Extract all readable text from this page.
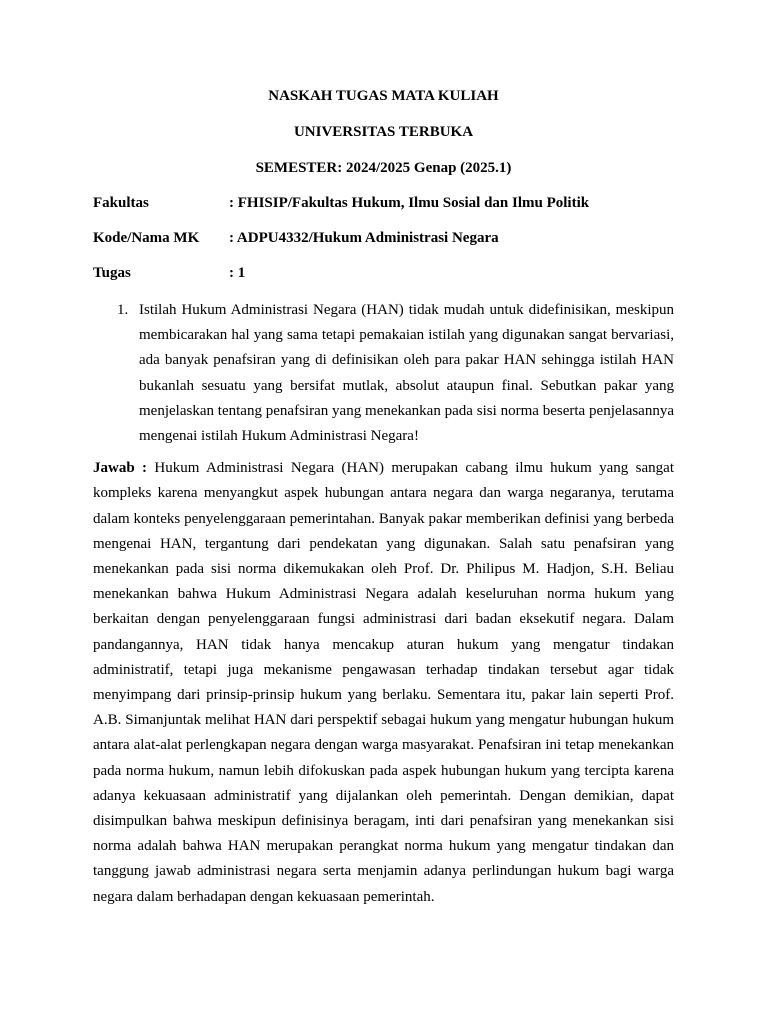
NASKAH TUGAS MATA KULIAH

UNIVERSITAS TERBUKA

SEMESTER: 2024/2025 Genap (2025.1)

Fakultas	: FHISIP/Fakultas Hukum, Ilmu Sosial dan Ilmu Politik
Kode/Nama MK	: ADPU4332/Hukum Administrasi Negara
Tugas	: 1
1. Istilah Hukum Administrasi Negara (HAN) tidak mudah untuk didefinisikan, meskipun membicarakan hal yang sama tetapi pemakaian istilah yang digunakan sangat bervariasi, ada banyak penafsiran yang di definisikan oleh para pakar HAN sehingga istilah HAN bukanlah sesuatu yang bersifat mutlak, absolut ataupun final. Sebutkan pakar yang menjelaskan tentang penafsiran yang menekankan pada sisi norma beserta penjelasannya mengenai istilah Hukum Administrasi Negara!
Jawab : Hukum Administrasi Negara (HAN) merupakan cabang ilmu hukum yang sangat kompleks karena menyangkut aspek hubungan antara negara dan warga negaranya, terutama dalam konteks penyelenggaraan pemerintahan. Banyak pakar memberikan definisi yang berbeda mengenai HAN, tergantung dari pendekatan yang digunakan. Salah satu penafsiran yang menekankan pada sisi norma dikemukakan oleh Prof. Dr. Philipus M. Hadjon, S.H. Beliau menekankan bahwa Hukum Administrasi Negara adalah keseluruhan norma hukum yang berkaitan dengan penyelenggaraan fungsi administrasi dari badan eksekutif negara. Dalam pandangannya, HAN tidak hanya mencakup aturan hukum yang mengatur tindakan administratif, tetapi juga mekanisme pengawasan terhadap tindakan tersebut agar tidak menyimpang dari prinsip-prinsip hukum yang berlaku. Sementara itu, pakar lain seperti Prof. A.B. Simanjuntak melihat HAN dari perspektif sebagai hukum yang mengatur hubungan hukum antara alat-alat perlengkapan negara dengan warga masyarakat. Penafsiran ini tetap menekankan pada norma hukum, namun lebih difokuskan pada aspek hubungan hukum yang tercipta karena adanya kekuasaan administratif yang dijalankan oleh pemerintah. Dengan demikian, dapat disimpulkan bahwa meskipun definisinya beragam, inti dari penafsiran yang menekankan sisi norma adalah bahwa HAN merupakan perangkat norma hukum yang mengatur tindakan dan tanggung jawab administrasi negara serta menjamin adanya perlindungan hukum bagi warga negara dalam berhadapan dengan kekuasaan pemerintah.
